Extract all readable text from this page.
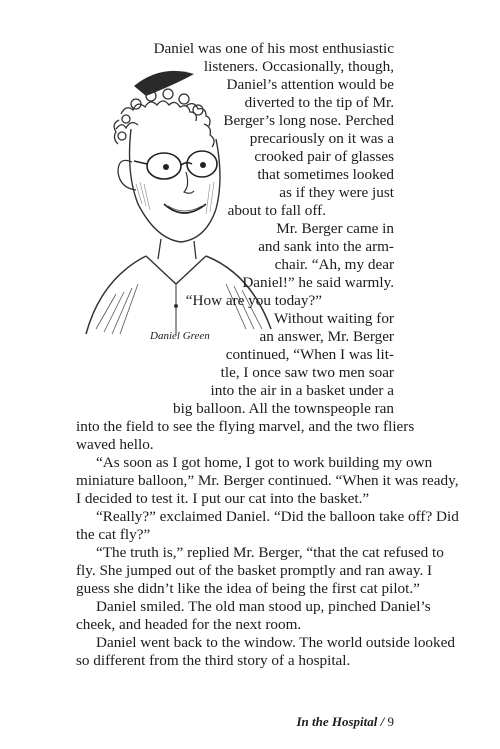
Daniel Green
Daniel was one of his most enthusiastic
listeners. Occasionally, though,
Daniel’s attention would be
diverted to the tip of Mr.
Berger’s long nose. Perched
precariously on it was a
crooked pair of glasses
that sometimes looked
as if they were just
about to fall off.
Mr. Berger came in
and sank into the arm-
chair. “Ah, my dear
Daniel!” he said warmly.
“How are you today?”
Without waiting for
an answer, Mr. Berger
continued, “When I was lit-
tle, I once saw two men soar
into the air in a basket under a
big balloon. All the townspeople ran
into the field to see the flying marvel, and the two fliers
waved hello.
“As soon as I got home, I got to work building my own
miniature balloon,” Mr. Berger continued. “When it was ready,
I decided to test it. I put our cat into the basket.”
“Really?” exclaimed Daniel. “Did the balloon take off? Did
the cat fly?”
“The truth is,” replied Mr. Berger, “that the cat refused to
fly. She jumped out of the basket promptly and ran away. I
guess she didn’t like the idea of being the first cat pilot.”
Daniel smiled. The old man stood up, pinched Daniel’s
In the Hospital / 9
cheek, and headed for the next room.
Daniel went back to the window. The world outside looked
so different from the third story of a hospital.
